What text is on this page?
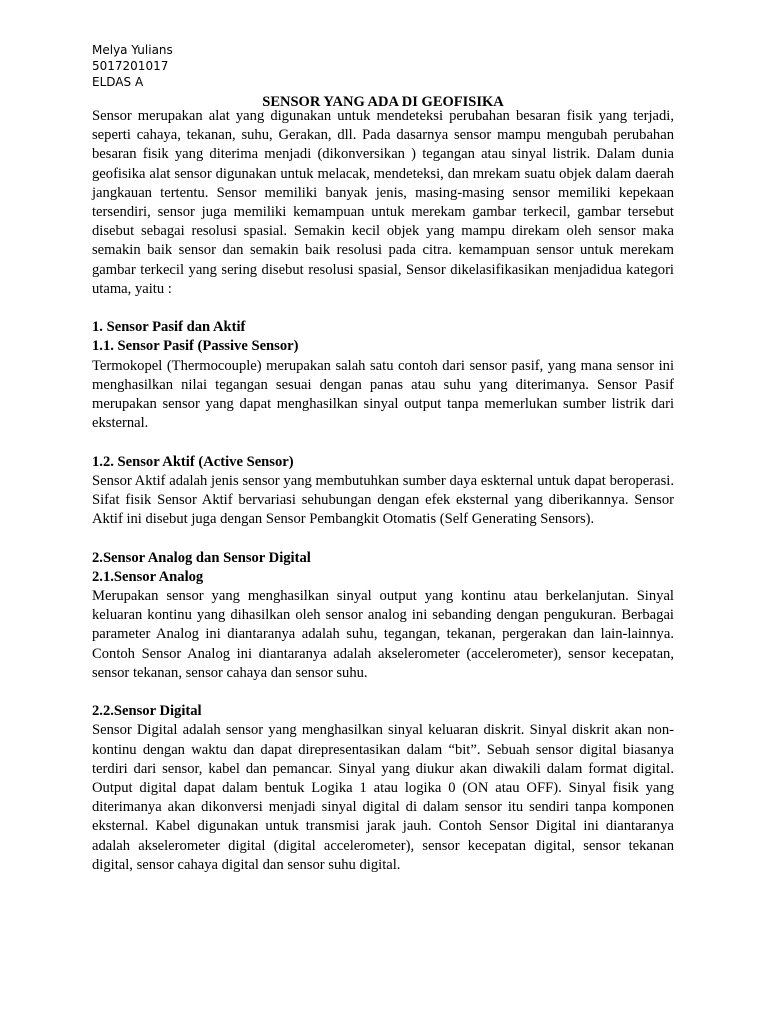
Melya Yulians
5017201017
ELDAS A
SENSOR YANG ADA DI GEOFISIKA

Sensor merupakan alat yang digunakan untuk mendeteksi perubahan besaran fisik yang terjadi, seperti cahaya, tekanan, suhu, Gerakan, dll. Pada dasarnya sensor mampu mengubah perubahan besaran fisik yang diterima menjadi (dikonversikan ) tegangan atau sinyal listrik. Dalam dunia geofisika alat sensor digunakan untuk melacak, mendeteksi, dan mrekam suatu objek dalam daerah jangkauan tertentu. Sensor memiliki banyak jenis, masing-masing sensor memiliki kepekaan tersendiri, sensor juga memiliki kemampuan untuk merekam gambar terkecil, gambar tersebut disebut sebagai resolusi spasial. Semakin kecil objek yang mampu direkam oleh sensor maka semakin baik sensor dan semakin baik resolusi pada citra. kemampuan sensor untuk merekam gambar terkecil yang sering disebut resolusi spasial, Sensor dikelasifikasikan menjadidua kategori utama, yaitu :

1. Sensor Pasif dan Aktif

1.1. Sensor Pasif (Passive Sensor)

Termokopel (Thermocouple) merupakan salah satu contoh dari sensor pasif, yang mana sensor ini menghasilkan nilai tegangan sesuai dengan panas atau suhu yang diterimanya. Sensor Pasif merupakan sensor yang dapat menghasilkan sinyal output tanpa memerlukan sumber listrik dari eksternal.

1.2. Sensor Aktif (Active Sensor)

Sensor Aktif adalah jenis sensor yang membutuhkan sumber daya eskternal untuk dapat beroperasi. Sifat fisik Sensor Aktif bervariasi sehubungan dengan efek eksternal yang diberikannya. Sensor Aktif ini disebut juga dengan Sensor Pembangkit Otomatis (Self Generating Sensors).

2.Sensor Analog dan Sensor Digital

2.1.Sensor Analog

Merupakan sensor yang menghasilkan sinyal output yang kontinu atau berkelanjutan. Sinyal keluaran kontinu yang dihasilkan oleh sensor analog ini sebanding dengan pengukuran. Berbagai parameter Analog ini diantaranya adalah suhu, tegangan, tekanan, pergerakan dan lain-lainnya. Contoh Sensor Analog ini diantaranya adalah akselerometer (accelerometer), sensor kecepatan, sensor tekanan, sensor cahaya dan sensor suhu.

2.2.Sensor Digital

Sensor Digital adalah sensor yang menghasilkan sinyal keluaran diskrit. Sinyal diskrit akan non-kontinu dengan waktu dan dapat direpresentasikan dalam “bit”. Sebuah sensor digital biasanya terdiri dari sensor, kabel dan pemancar. Sinyal yang diukur akan diwakili dalam format digital. Output digital dapat dalam bentuk Logika 1 atau logika 0 (ON atau OFF). Sinyal fisik yang diterimanya akan dikonversi menjadi sinyal digital di dalam sensor itu sendiri tanpa komponen eksternal. Kabel digunakan untuk transmisi jarak jauh. Contoh Sensor Digital ini diantaranya adalah akselerometer digital (digital accelerometer), sensor kecepatan digital, sensor tekanan digital, sensor cahaya digital dan sensor suhu digital.
